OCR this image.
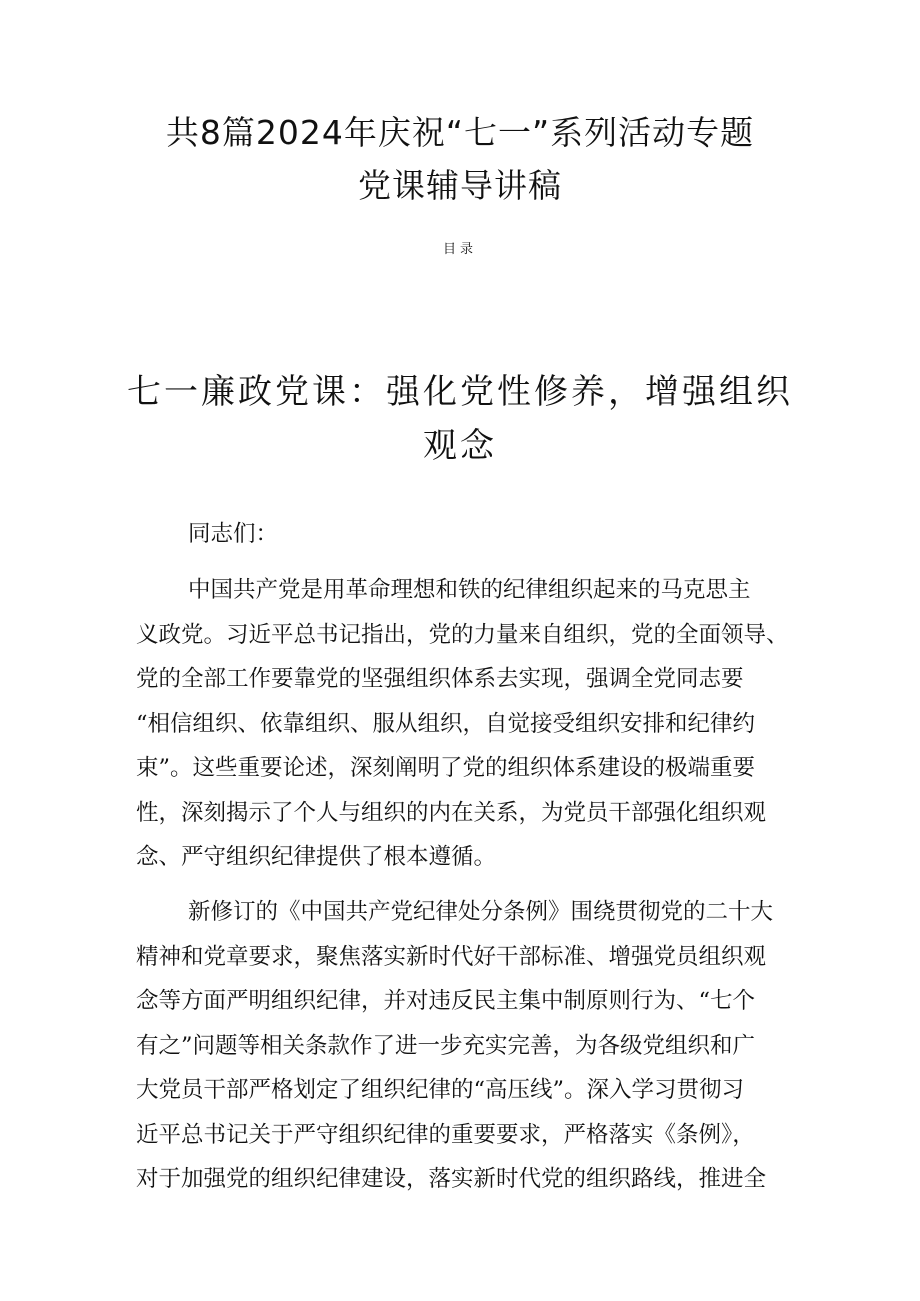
共8篇2024年庆祝“七一”系列活动专题
党课辅导讲稿
目录
七一廉政党课：强化党性修养，增强组织
观念
同志们：
中国共产党是用革命理想和铁的纪律组织起来的马克思主
义政党。习近平总书记指出，党的力量来自组织，党的全面领导、
党的全部工作要靠党的坚强组织体系去实现，强调全党同志要
“相信组织、依靠组织、服从组织，自觉接受组织安排和纪律约
束”。这些重要论述，深刻阐明了党的组织体系建设的极端重要
性，深刻揭示了个人与组织的内在关系，为党员干部强化组织观
念、严守组织纪律提供了根本遵循。
新修订的《中国共产党纪律处分条例》围绕贯彻党的二十大
精神和党章要求，聚焦落实新时代好干部标准、增强党员组织观
念等方面严明组织纪律，并对违反民主集中制原则行为、“七个
有之”问题等相关条款作了进一步充实完善，为各级党组织和广
大党员干部严格划定了组织纪律的“高压线”。深入学习贯彻习
近平总书记关于严守组织纪律的重要要求，严格落实《条例》，
对于加强党的组织纪律建设，落实新时代党的组织路线，推进全
